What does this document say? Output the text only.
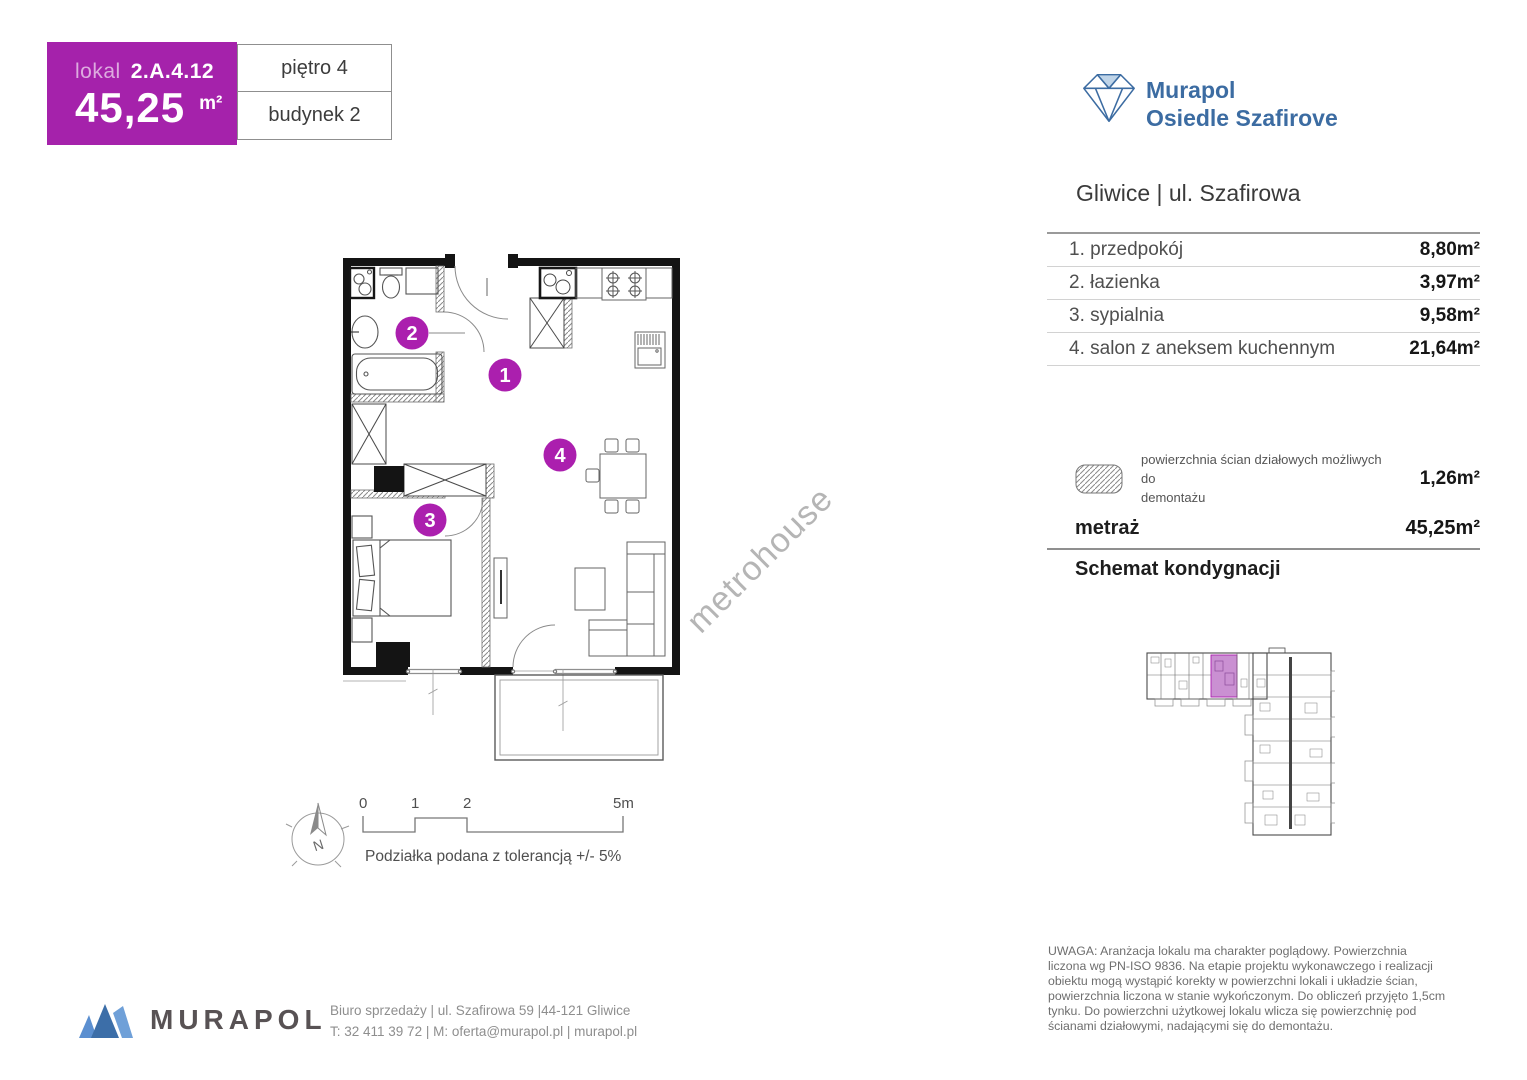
lokal 2.A.4.12
45,25 $^{m^2}$
piętro 4
budynek 2
Murapol
Osiedle Szafirove
Gliwice | ul. Szafirowa
1. przedpokój	8,80m²
2. łazienka	3,97m²
3. sypialnia	9,58m²
4. salon z aneksem kuchennym	21,64m²
powierzchnia ścian działowych możliwych do
demontażu
1,26m²
metraż	45,25m²
Schemat kondygnacji
1
2
3
4
metrohouse
N
0	1	2	5m
Podziałka podana z tolerancją +/- 5%
MURAPOL Biuro sprzedaży | ul. Szafirowa 59 |44-121 Gliwice
T: 32 411 39 72 | M: oferta@murapol.pl | murapol.pl
UWAGA: Aranżacja lokalu ma charakter poglądowy. Powierzchnia liczona wg PN-ISO 9836. Na etapie projektu wykonawczego i realizacji obiektu mogą wystąpić korekty w powierzchni lokali i układzie ścian, powierzchnia liczona w stanie wykończonym. Do obliczeń przyjęto 1,5cm tynku. Do powierzchni użytkowej lokalu wlicza się powierzchnię pod ścianami działowymi, nadającymi się do demontażu.
